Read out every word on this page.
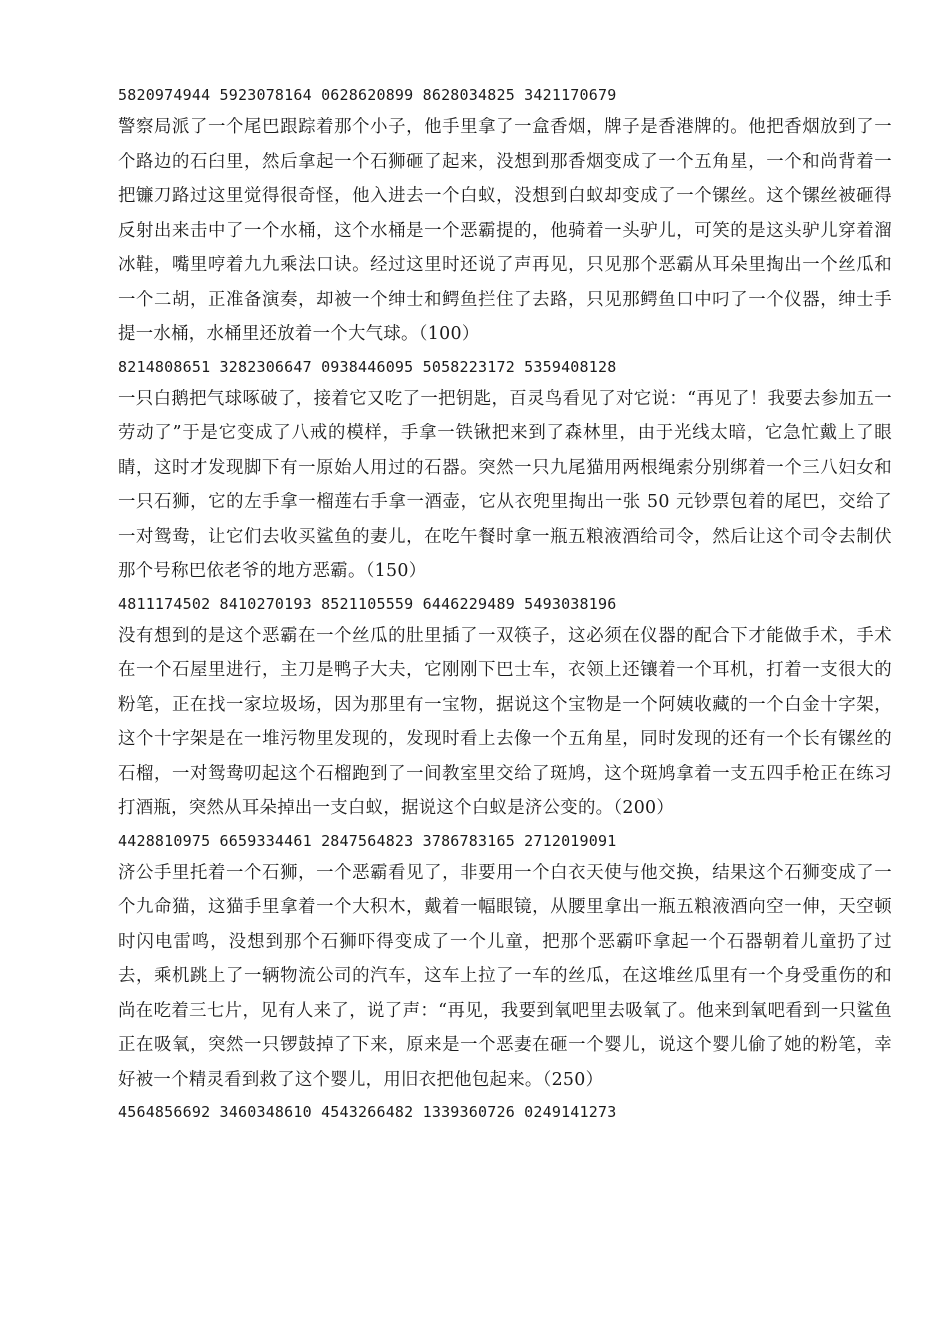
5820974944 5923078164 0628620899 8628034825 3421170679

警察局派了一个尾巴跟踪着那个小子，他手里拿了一盒香烟，牌子是香港牌的。他把香烟放到了一个路边的石臼里，然后拿起一个石狮砸了起来，没想到那香烟变成了一个五角星，一个和尚背着一把镰刀路过这里觉得很奇怪，他入进去一个白蚁，没想到白蚁却变成了一个镙丝。这个镙丝被砸得反射出来击中了一个水桶，这个水桶是一个恶霸提的，他骑着一头驴儿，可笑的是这头驴儿穿着溜冰鞋，嘴里哼着九九乘法口诀。经过这里时还说了声再见，只见那个恶霸从耳朵里掏出一个丝瓜和一个二胡，正准备演奏，却被一个绅士和鳄鱼拦住了去路，只见那鳄鱼口中叼了一个仪器，绅士手提一水桶，水桶里还放着一个大气球。（100）

8214808651 3282306647 0938446095 5058223172 5359408128

一只白鹅把气球啄破了，接着它又吃了一把钥匙，百灵鸟看见了对它说：“再见了！我要去参加五一劳动了”于是它变成了八戒的模样，手拿一铁锹把来到了森林里，由于光线太暗，它急忙戴上了眼睛，这时才发现脚下有一原始人用过的石器。突然一只九尾猫用两根绳索分别绑着一个三八妇女和一只石狮，它的左手拿一榴莲右手拿一酒壶，它从衣兜里掏出一张 50 元钞票包着的尾巴，交给了一对鸳鸯，让它们去收买鲨鱼的妻儿，在吃午餐时拿一瓶五粮液酒给司令，然后让这个司令去制伏那个号称巴依老爷的地方恶霸。（150）

4811174502 8410270193 8521105559 6446229489 5493038196

没有想到的是这个恶霸在一个丝瓜的肚里插了一双筷子，这必须在仪器的配合下才能做手术，手术在一个石屋里进行，主刀是鸭子大夫，它刚刚下巴士车，衣领上还镶着一个耳机，打着一支很大的粉笔，正在找一家垃圾场，因为那里有一宝物，据说这个宝物是一个阿姨收藏的一个白金十字架，这个十字架是在一堆污物里发现的，发现时看上去像一个五角星，同时发现的还有一个长有镙丝的石榴，一对鸳鸯叨起这个石榴跑到了一间教室里交给了斑鸠，这个斑鸠拿着一支五四手枪正在练习打酒瓶，突然从耳朵掉出一支白蚁，据说这个白蚁是济公变的。（200）

4428810975 6659334461 2847564823 3786783165 2712019091

济公手里托着一个石狮，一个恶霸看见了，非要用一个白衣天使与他交换，结果这个石狮变成了一个九命猫，这猫手里拿着一个大积木，戴着一幅眼镜，从腰里拿出一瓶五粮液酒向空一伸，天空顿时闪电雷鸣，没想到那个石狮吓得变成了一个儿童，把那个恶霸吓拿起一个石器朝着儿童扔了过去，乘机跳上了一辆物流公司的汽车，这车上拉了一车的丝瓜，在这堆丝瓜里有一个身受重伤的和尚在吃着三七片，见有人来了，说了声：“再见，我要到氧吧里去吸氧了。他来到氧吧看到一只鲨鱼正在吸氧，突然一只锣鼓掉了下来，原来是一个恶妻在砸一个婴儿，说这个婴儿偷了她的粉笔，幸好被一个精灵看到救了这个婴儿，用旧衣把他包起来。（250）

4564856692 3460348610 4543266482 1339360726 0249141273
